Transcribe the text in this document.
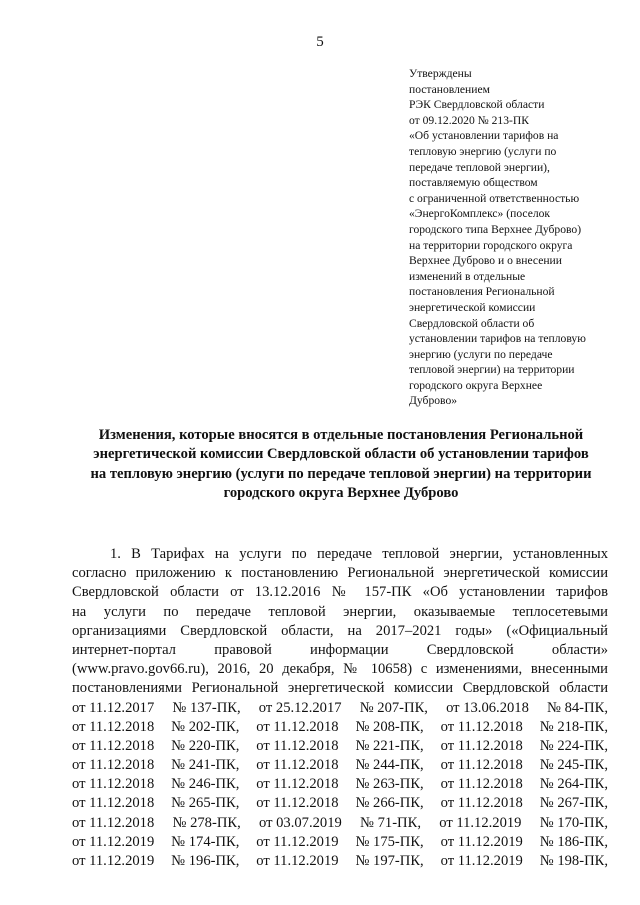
5
Утверждены
постановлением
РЭК Свердловской области
от 09.12.2020 № 213-ПК
«Об установлении тарифов на
тепловую энергию (услуги по
передаче тепловой энергии),
поставляемую обществом
с ограниченной ответственностью
«ЭнергоКомплекс» (поселок
городского типа Верхнее Дуброво)
на территории городского округа
Верхнее Дуброво и о внесении
изменений в отдельные
постановления Региональной
энергетической комиссии
Свердловской области об
установлении тарифов на тепловую
энергию (услуги по передаче
тепловой энергии) на территории
городского округа Верхнее
Дуброво»
Изменения, которые вносятся в отдельные постановления Региональной
энергетической комиссии Свердловской области об установлении тарифов
на тепловую энергию (услуги по передаче тепловой энергии) на территории
городского округа Верхнее Дуброво
1. В Тарифах на услуги по передаче тепловой энергии, установленных
согласно приложению к постановлению Региональной энергетической комиссии
Свердловской области от 13.12.2016 № 157-ПК «Об установлении тарифов
на услуги по передаче тепловой энергии, оказываемые теплосетевыми
организациями Свердловской области, на 2017–2021 годы» («Официальный
интернет-портал правовой информации Свердловской области»
(www.pravo.gov66.ru), 2016, 20 декабря, № 10658) с изменениями, внесенными
постановлениями Региональной энергетической комиссии Свердловской области
от 11.12.2017 № 137-ПК, от 25.12.2017 № 207-ПК, от 13.06.2018 № 84-ПК,
от 11.12.2018 № 202-ПК, от 11.12.2018 № 208-ПК, от 11.12.2018 № 218-ПК,
от 11.12.2018 № 220-ПК, от 11.12.2018 № 221-ПК, от 11.12.2018 № 224-ПК,
от 11.12.2018 № 241-ПК, от 11.12.2018 № 244-ПК, от 11.12.2018 № 245-ПК,
от 11.12.2018 № 246-ПК, от 11.12.2018 № 263-ПК, от 11.12.2018 № 264-ПК,
от 11.12.2018 № 265-ПК, от 11.12.2018 № 266-ПК, от 11.12.2018 № 267-ПК,
от 11.12.2018 № 278-ПК, от 03.07.2019 № 71-ПК, от 11.12.2019 № 170-ПК,
от 11.12.2019 № 174-ПК, от 11.12.2019 № 175-ПК, от 11.12.2019 № 186-ПК,
от 11.12.2019 № 196-ПК, от 11.12.2019 № 197-ПК, от 11.12.2019 № 198-ПК,
